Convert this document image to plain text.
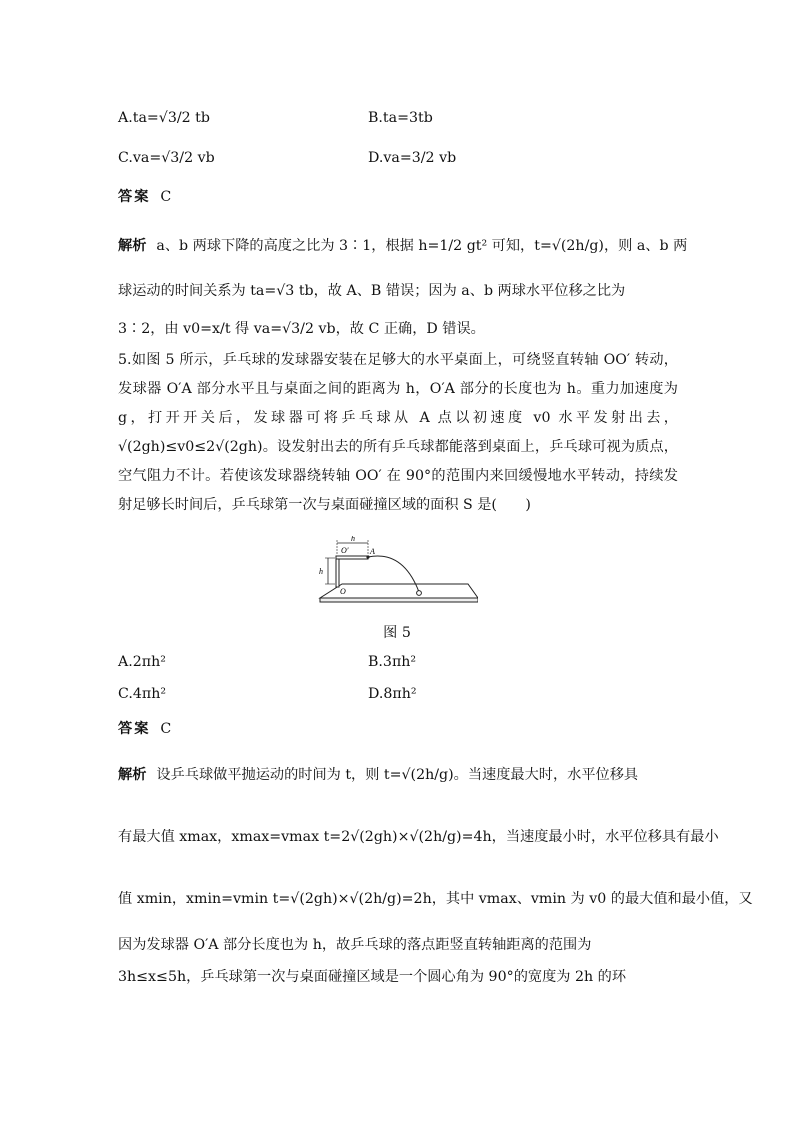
A.ta=√3/2 tb	B.ta=3tb
C.va=√3/2 vb	D.va=3/2 vb
答案 C
解析 a、b 两球下降的高度之比为 3∶1，根据 h=1/2 gt² 可知，t=√(2h/g)，则 a、b 两
球运动的时间关系为 ta=√3 tb，故 A、B 错误；因为 a、b 两球水平位移之比为
3∶2，由 v0=x/t 得 va=√3/2 vb，故 C 正确，D 错误。
5.如图 5 所示，乒乓球的发球器安装在足够大的水平桌面上，可绕竖直转轴 OO′ 转动，发球器 O′A 部分水平且与桌面之间的距离为 h，O′A 部分的长度也为 h。重力加速度为 g，打开开关后，发球器可将乒乓球从 A 点以初速度 v0 水平发射出去，√(2gh)≤v0≤2√(2gh)。设发射出去的所有乒乓球都能落到桌面上，乒乓球可视为质点，空气阻力不计。若使该发球器绕转轴 OO′ 在 90°的范围内来回缓慢地水平转动，持续发射足够长时间后，乒乓球第一次与桌面碰撞区域的面积 S 是(　　)
h
O′	A
h
O
图 5
A.2πh²	B.3πh²
C.4πh²	D.8πh²
答案 C
解析 设乒乓球做平抛运动的时间为 t，则 t=√(2h/g)。当速度最大时，水平位移具
有最大值 xmax，xmax=vmax t=2√(2gh)×√(2h/g)=4h，当速度最小时，水平位移具有最小
值 xmin，xmin=vmin t=√(2gh)×√(2h/g)=2h，其中 vmax、vmin 为 v0 的最大值和最小值，又
因为发球器 O′A 部分长度也为 h，故乒乓球的落点距竖直转轴距离的范围为
3h≤x≤5h，乒乓球第一次与桌面碰撞区域是一个圆心角为 90°的宽度为 2h 的环
